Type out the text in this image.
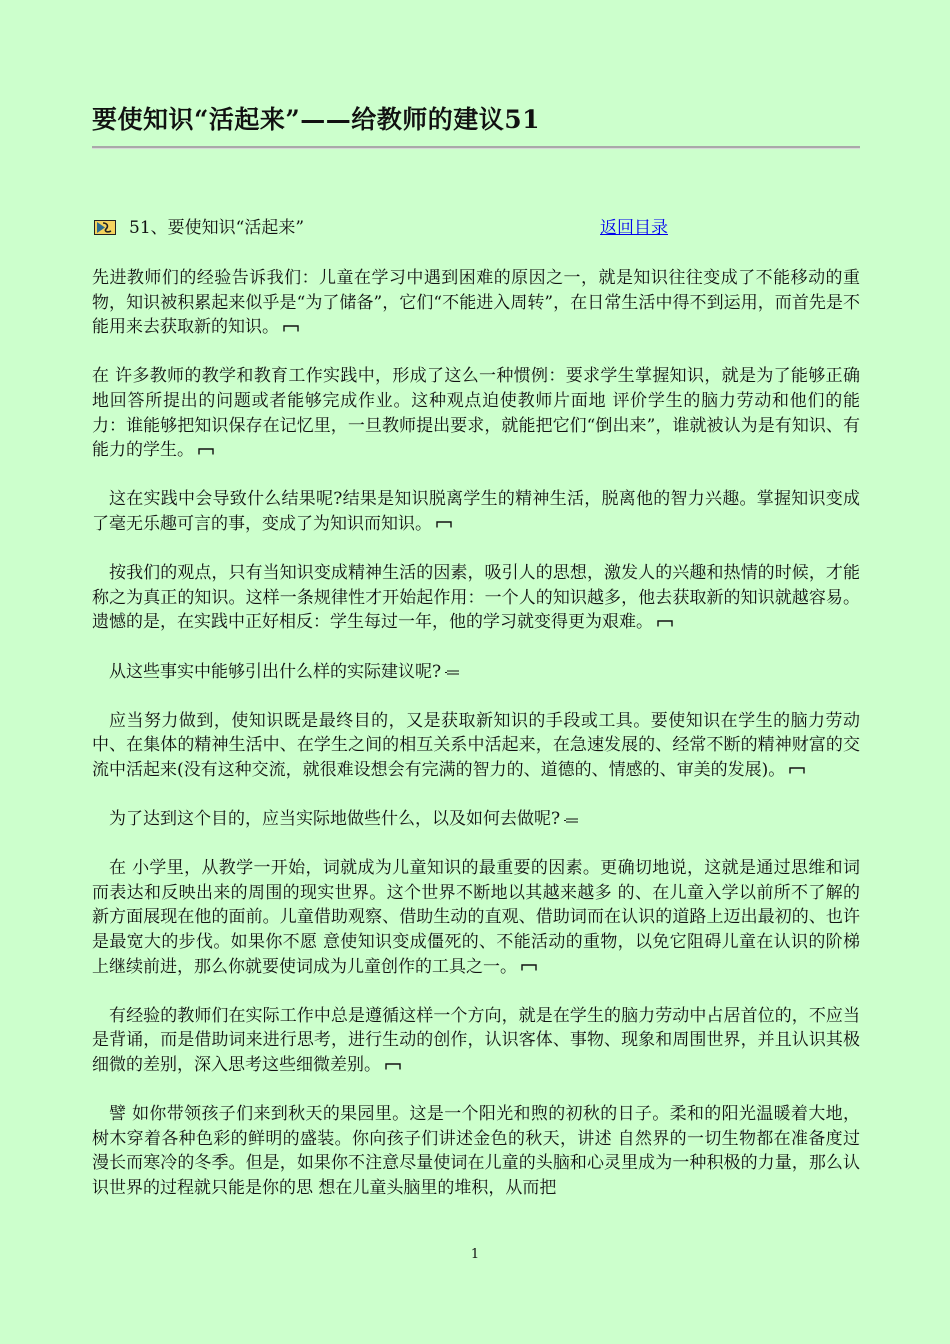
要使知识“活起来”——给教师的建议51
51、要使知识“活起来”	返回目录

先进教师们的经验告诉我们：儿童在学习中遇到困难的原因之一，就是知识往往变成了不能移动的重物，知识被积累起来似乎是“为了储备”，它们“不能进入周转”，在日常生活中得不到运用，而首先是不能用来去获取新的知识。

在 许多教师的教学和教育工作实践中，形成了这么一种惯例：要求学生掌握知识，就是为了能够正确地回答所提出的问题或者能够完成作业。这种观点迫使教师片面地 评价学生的脑力劳动和他们的能力：谁能够把知识保存在记忆里，一旦教师提出要求，就能把它们“倒出来”，谁就被认为是有知识、有能力的学生。

这在实践中会导致什么结果呢?结果是知识脱离学生的精神生活，脱离他的智力兴趣。掌握知识变成了毫无乐趣可言的事，变成了为知识而知识。

按我们的观点，只有当知识变成精神生活的因素，吸引人的思想，激发人的兴趣和热情的时候，才能称之为真正的知识。这样一条规律性才开始起作用：一个人的知识越多，他去获取新的知识就越容易。遗憾的是，在实践中正好相反：学生每过一年，他的学习就变得更为艰难。

从这些事实中能够引出什么样的实际建议呢?

应当努力做到，使知识既是最终目的，又是获取新知识的手段或工具。要使知识在学生的脑力劳动中、在集体的精神生活中、在学生之间的相互关系中活起来，在急速发展的、经常不断的精神财富的交流中活起来(没有这种交流，就很难设想会有完满的智力的、道德的、情感的、审美的发展)。

为了达到这个目的，应当实际地做些什么，以及如何去做呢?

在 小学里，从教学一开始，词就成为儿童知识的最重要的因素。更确切地说，这就是通过思维和词而表达和反映出来的周围的现实世界。这个世界不断地以其越来越多 的、在儿童入学以前所不了解的新方面展现在他的面前。儿童借助观察、借助生动的直观、借助词而在认识的道路上迈出最初的、也许是最宽大的步伐。如果你不愿 意使知识变成僵死的、不能活动的重物，以免它阻碍儿童在认识的阶梯上继续前进，那么你就要使词成为儿童创作的工具之一。

有经验的教师们在实际工作中总是遵循这样一个方向，就是在学生的脑力劳动中占居首位的，不应当是背诵，而是借助词来进行思考，进行生动的创作，认识客体、事物、现象和周围世界，并且认识其极细微的差别，深入思考这些细微差别。

譬 如你带领孩子们来到秋天的果园里。这是一个阳光和煦的初秋的日子。柔和的阳光温暖着大地，树木穿着各种色彩的鲜明的盛装。你向孩子们讲述金色的秋天，讲述 自然界的一切生物都在准备度过漫长而寒冷的冬季。但是，如果你不注意尽量使词在儿童的头脑和心灵里成为一种积极的力量，那么认识世界的过程就只能是你的思 想在儿童头脑里的堆积，从而把

1
